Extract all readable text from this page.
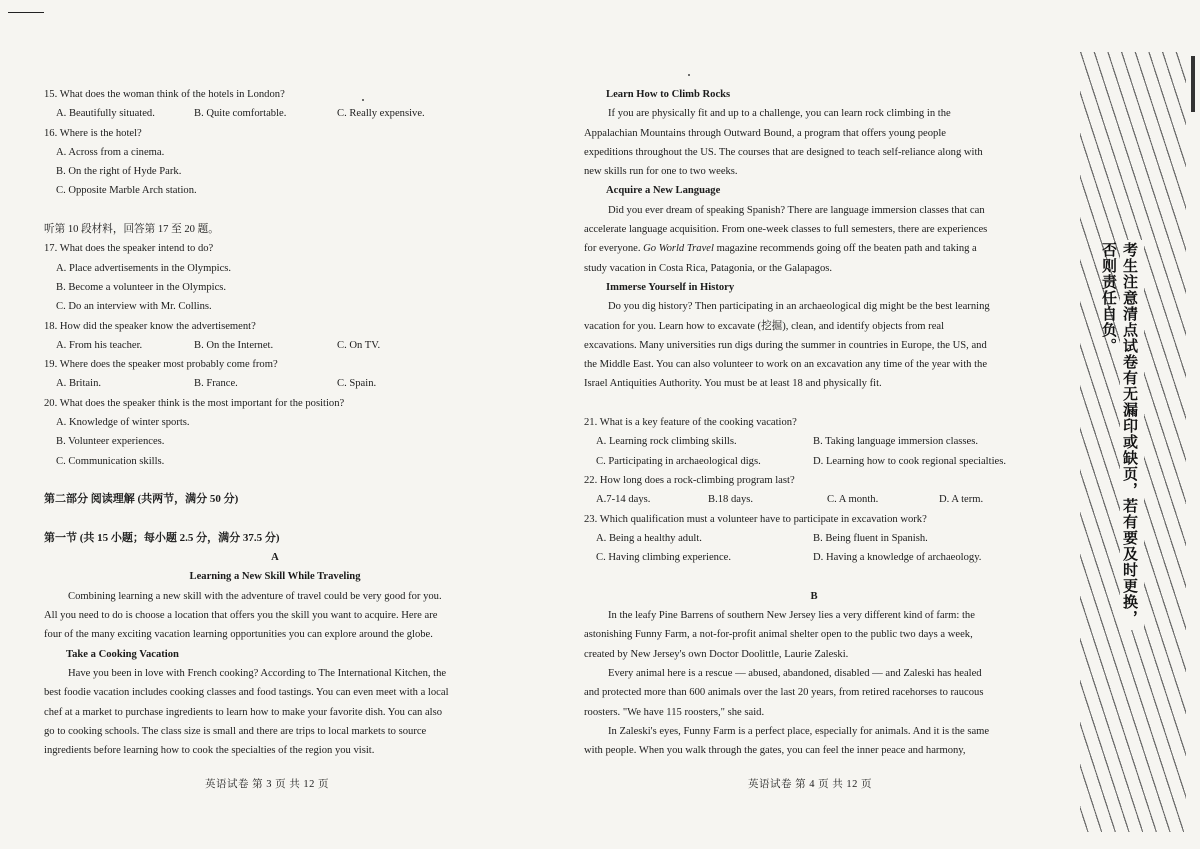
15. What does the woman think of the hotels in London?
A. Beautifully situated.	B. Quite comfortable.	C. Really expensive.
16. Where is the hotel?
A. Across from a cinema.
B. On the right of Hyde Park.
C. Opposite Marble Arch station.
听第 10 段材料，回答第 17 至 20 题。
17. What does the speaker intend to do?
A. Place advertisements in the Olympics.
B. Become a volunteer in the Olympics.
C. Do an interview with Mr. Collins.
18. How did the speaker know the advertisement?
A. From his teacher.	B. On the Internet.	C. On TV.
19. Where does the speaker most probably come from?
A. Britain.	B. France.	C. Spain.
20. What does the speaker think is the most important for the position?
A. Knowledge of winter sports.
B. Volunteer experiences.
C. Communication skills.
第二部分 阅读理解 (共两节，满分 50 分)
第一节 (共 15 小题；每小题 2.5 分，满分 37.5 分)
A
Learning a New Skill While Traveling
Combining learning a new skill with the adventure of travel could be very good for you.
All you need to do is choose a location that offers you the skill you want to acquire. Here are
four of the many exciting vacation learning opportunities you can explore around the globe.
Take a Cooking Vacation
Have you been in love with French cooking? According to The International Kitchen, the
best foodie vacation includes cooking classes and food tastings. You can even meet with a local
chef at a market to purchase ingredients to learn how to make your favorite dish. You can also
go to cooking schools. The class size is small and there are trips to local markets to source
ingredients before learning how to cook the specialties of the region you visit.
英语试卷 第 3 页 共 12 页
Learn How to Climb Rocks
If you are physically fit and up to a challenge, you can learn rock climbing in the
Appalachian Mountains through Outward Bound, a program that offers young people
expeditions throughout the US. The courses that are designed to teach self-reliance along with
new skills run for one to two weeks.
Acquire a New Language
Did you ever dream of speaking Spanish? There are language immersion classes that can
accelerate language acquisition. From one-week classes to full semesters, there are experiences
for everyone. Go World Travel magazine recommends going off the beaten path and taking a
study vacation in Costa Rica, Patagonia, or the Galapagos.
Immerse Yourself in History
Do you dig history? Then participating in an archaeological dig might be the best learning
vacation for you. Learn how to excavate (挖掘), clean, and identify objects from real
excavations. Many universities run digs during the summer in countries in Europe, the US, and
the Middle East. You can also volunteer to work on an excavation any time of the year with the
Israel Antiquities Authority. You must be at least 18 and physically fit.
21. What is a key feature of the cooking vacation?
A. Learning rock climbing skills.	B. Taking language immersion classes.
C. Participating in archaeological digs.	D. Learning how to cook regional specialties.
22. How long does a rock-climbing program last?
A.7-14 days.	B.18 days.	C. A month.	D. A term.
23. Which qualification must a volunteer have to participate in excavation work?
A. Being a healthy adult.	B. Being fluent in Spanish.
C. Having climbing experience.	D. Having a knowledge of archaeology.
B
In the leafy Pine Barrens of southern New Jersey lies a very different kind of farm: the
astonishing Funny Farm, a not-for-profit animal shelter open to the public two days a week,
created by New Jersey's own Doctor Doolittle, Laurie Zaleski.
Every animal here is a rescue — abused, abandoned, disabled — and Zaleski has healed
and protected more than 600 animals over the last 20 years, from retired racehorses to raucous
roosters. "We have 115 roosters," she said.
In Zaleski's eyes, Funny Farm is a perfect place, especially for animals. And it is the same
with people. When you walk through the gates, you can feel the inner peace and harmony,
英语试卷 第 4 页 共 12 页
考生注意清点试卷有无漏印或缺页，若有要及时更换，否则责任自负。
